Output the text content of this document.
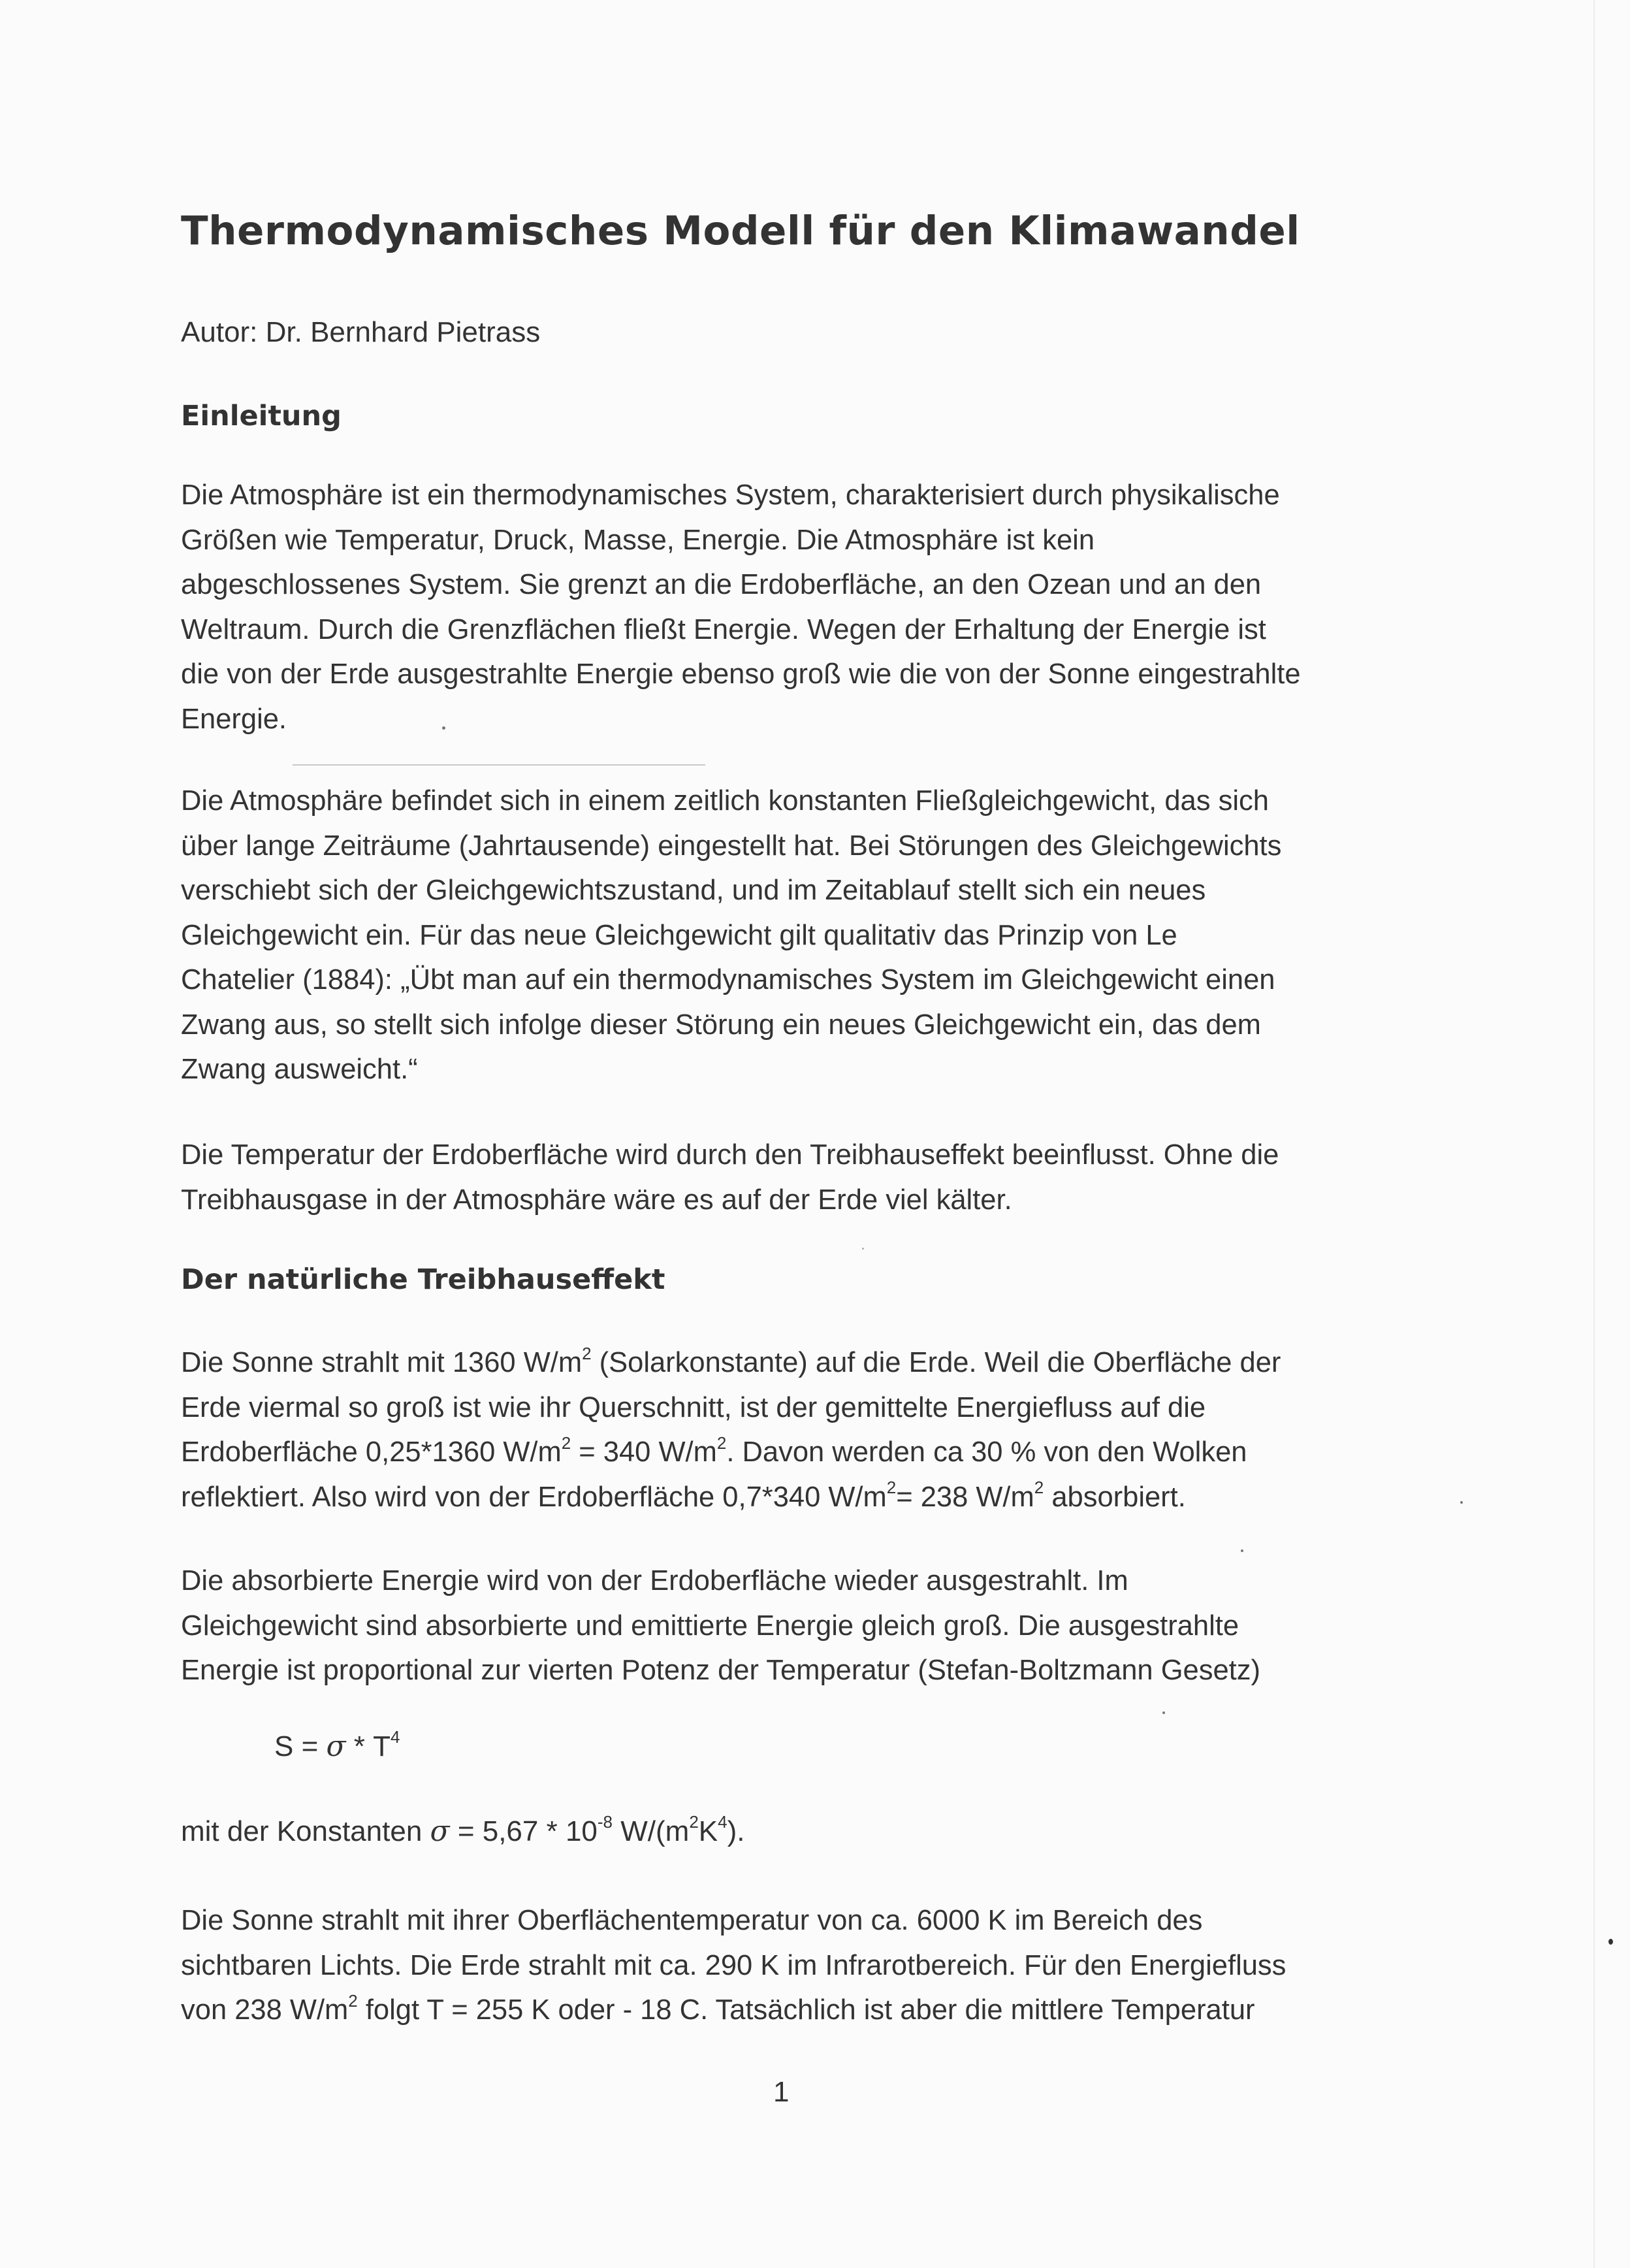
Thermodynamisches Modell für den Klimawandel
Autor: Dr. Bernhard Pietrass
Einleitung
Die Atmosphäre ist ein thermodynamisches System, charakterisiert durch physikalische
Größen wie Temperatur, Druck, Masse, Energie. Die Atmosphäre ist kein
abgeschlossenes System. Sie grenzt an die Erdoberfläche, an den Ozean und an den
Weltraum. Durch die Grenzflächen fließt Energie. Wegen der Erhaltung der Energie ist
die von der Erde ausgestrahlte Energie ebenso groß wie die von der Sonne eingestrahlte
Energie.
Die Atmosphäre befindet sich in einem zeitlich konstanten Fließgleichgewicht, das sich
über lange Zeiträume (Jahrtausende) eingestellt hat. Bei Störungen des Gleichgewichts
verschiebt sich der Gleichgewichtszustand, und im Zeitablauf stellt sich ein neues
Gleichgewicht ein. Für das neue Gleichgewicht gilt qualitativ das Prinzip von Le
Chatelier (1884): „Übt man auf ein thermodynamisches System im Gleichgewicht einen
Zwang aus, so stellt sich infolge dieser Störung ein neues Gleichgewicht ein, das dem
Zwang ausweicht.“
Die Temperatur der Erdoberfläche wird durch den Treibhauseffekt beeinflusst. Ohne die
Treibhausgase in der Atmosphäre wäre es auf der Erde viel kälter.
Der natürliche Treibhauseffekt
Die Sonne strahlt mit 1360 $W/m^2$ (Solarkonstante) auf die Erde. Weil die Oberfläche der
Erde viermal so groß ist wie ihr Querschnitt, ist der gemittelte Energiefluss auf die
Erdoberfläche 0,25*1360 $W/m^2 = 340$ $W/m^2$. Davon werden ca 30 % von den Wolken
reflektiert. Also wird von der Erdoberfläche 0,7*340 $W/m^2= 238$ $W/m^2$ absorbiert.
Die absorbierte Energie wird von der Erdoberfläche wieder ausgestrahlt. Im
Gleichgewicht sind absorbierte und emittierte Energie gleich groß. Die ausgestrahlte
Energie ist proportional zur vierten Potenz der Temperatur (Stefan-Boltzmann Gesetz)
$S = \sigma * T^4$
mit der Konstanten $\sigma = 5,67 * 10^{-8}$ $W/(m^2K^4)$.
Die Sonne strahlt mit ihrer Oberflächentemperatur von ca. 6000 K im Bereich des
sichtbaren Lichts. Die Erde strahlt mit ca. 290 K im Infrarotbereich. Für den Energiefluss
von 238 $W/m^2$ folgt T = 255 K oder - 18 C. Tatsächlich ist aber die mittlere Temperatur
1
